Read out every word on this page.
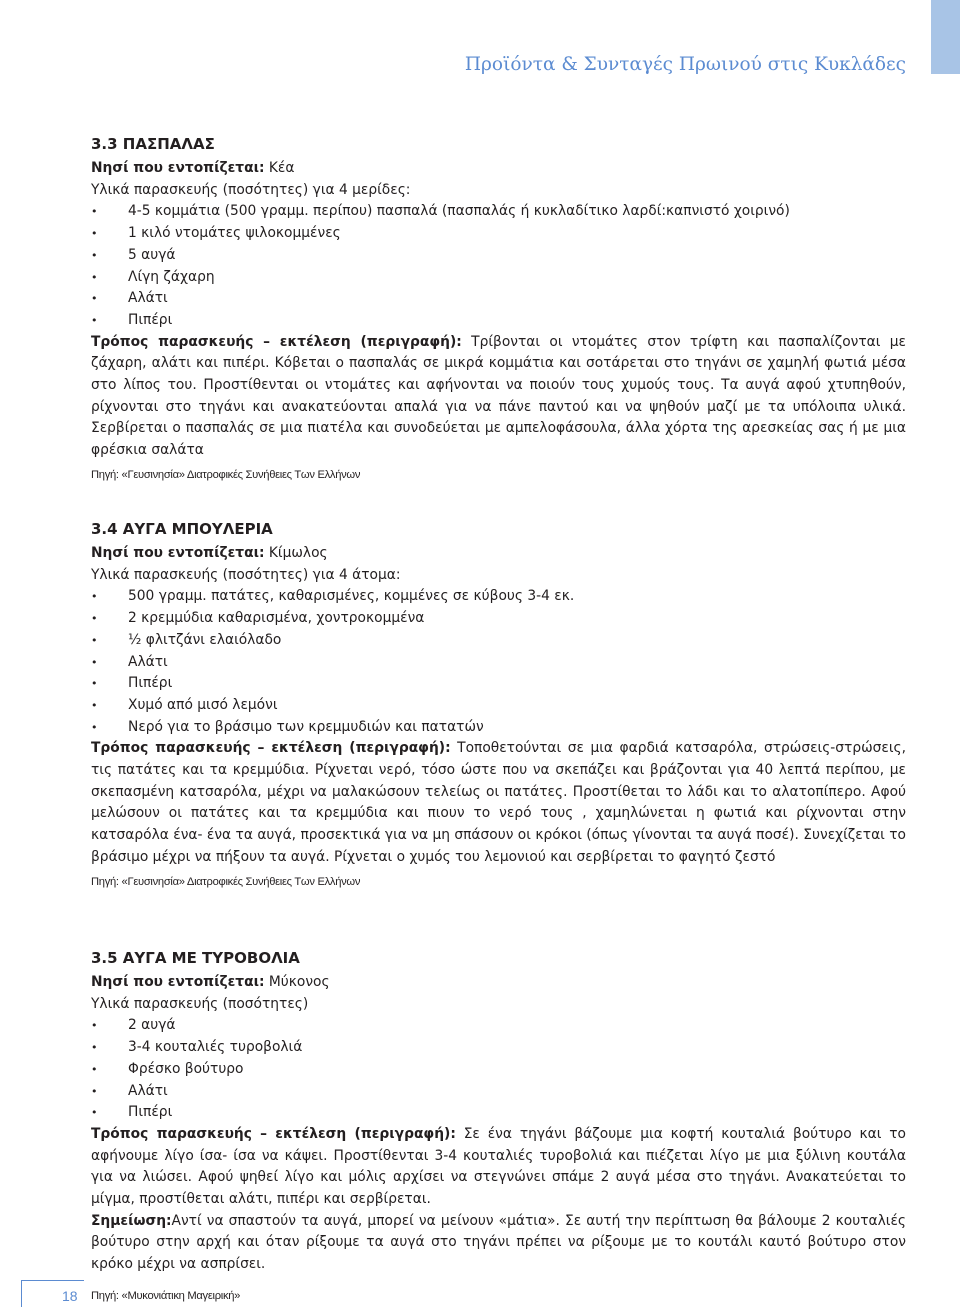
Προϊόντα & Συνταγές Πρωινού στις Κυκλάδες
3.3 ΠΑΣΠΑΛΑΣ

Νησί που εντοπίζεται: Κέα

Υλικά παρασκευής (ποσότητες) για 4 μερίδες:

• 4-5 κομμάτια (500 γραμμ. περίπου) πασπαλά (πασπαλάς ή κυκλαδίτικο λαρδί:καπνιστό χοιρινό)
• 1 κιλό ντομάτες ψιλοκομμένες
• 5 αυγά
• Λίγη ζάχαρη
• Αλάτι
• Πιπέρι

Τρόπος παρασκευής – εκτέλεση (περιγραφή): Τρίβονται οι ντομάτες στον τρίφτη και πασπαλίζονται με ζάχαρη, αλάτι και πιπέρι. Κόβεται ο πασπαλάς σε μικρά κομμάτια και σοτάρεται στο τηγάνι σε χαμηλή φωτιά μέσα στο λίπος του. Προστίθενται οι ντομάτες και αφήνονται να ποιούν τους χυμούς τους. Τα αυγά αφού χτυπηθούν, ρίχνονται στο τηγάνι και ανακατεύονται απαλά για να πάνε παντού και να ψηθούν μαζί με τα υπόλοιπα υλικά. Σερβίρεται ο πασπαλάς σε μια πιατέλα και συνοδεύεται με αμπελοφάσουλα, άλλα χόρτα της αρεσκείας σας ή με μια φρέσκια σαλάτα

Πηγή: «Γευσινησία» Διατροφικές Συνήθειες Των Ελλήνων

3.4 ΑΥΓΑ ΜΠΟΥΛΕΡΙΑ

Νησί που εντοπίζεται: Κίμωλος

Υλικά παρασκευής (ποσότητες) για 4 άτομα:

• 500 γραμμ. πατάτες, καθαρισμένες, κομμένες σε κύβους 3-4 εκ.
• 2 κρεμμύδια καθαρισμένα, χοντροκομμένα
• ½ φλιτζάνι ελαιόλαδο
• Αλάτι
• Πιπέρι
• Χυμό από μισό λεμόνι
• Νερό για το βράσιμο των κρεμμυδιών και πατατών

Τρόπος παρασκευής – εκτέλεση (περιγραφή): Τοποθετούνται σε μια φαρδιά κατσαρόλα, στρώσεις-στρώσεις, τις πατάτες και τα κρεμμύδια. Ρίχνεται νερό, τόσο ώστε που να σκεπάζει και βράζονται για 40 λεπτά περίπου, με σκεπασμένη κατσαρόλα, μέχρι να μαλακώσουν τελείως οι πατάτες. Προστίθεται το λάδι και το αλατοπίπερο. Αφού μελώσουν οι πατάτες και τα κρεμμύδια και πιουν το νερό τους , χαμηλώνεται η φωτιά και ρίχνονται στην κατσαρόλα ένα- ένα τα αυγά, προσεκτικά για να μη σπάσουν οι κρόκοι (όπως γίνονται τα αυγά ποσέ). Συνεχίζεται το βράσιμο μέχρι να πήξουν τα αυγά. Ρίχνεται ο χυμός του λεμονιού και σερβίρεται το φαγητό ζεστό

Πηγή: «Γευσινησία» Διατροφικές Συνήθειες Των Ελλήνων

3.5 ΑΥΓΑ ΜΕ ΤΥΡΟΒΟΛΙΑ

Νησί που εντοπίζεται: Μύκονος

Υλικά παρασκευής (ποσότητες)

• 2 αυγά
• 3-4 κουταλιές τυροβολιά
• Φρέσκο βούτυρο
• Αλάτι
• Πιπέρι

Τρόπος παρασκευής – εκτέλεση (περιγραφή): Σε ένα τηγάνι βάζουμε μια κοφτή κουταλιά βούτυρο και το αφήνουμε λίγο ίσα- ίσα να κάψει. Προστίθενται 3-4 κουταλιές τυροβολιά και πιέζεται λίγο με μια ξύλινη κουτάλα για να λιώσει. Αφού ψηθεί λίγο και μόλις αρχίσει να στεγνώνει σπάμε 2 αυγά μέσα στο τηγάνι. Ανακατεύεται το μίγμα, προστίθεται αλάτι, πιπέρι και σερβίρεται.

Σημείωση:Αντί να σπαστούν τα αυγά, μπορεί να μείνουν «μάτια». Σε αυτή την περίπτωση θα βάλουμε 2 κουταλιές βούτυρο στην αρχή και όταν ρίξουμε τα αυγά στο τηγάνι πρέπει να ρίξουμε με το κουτάλι καυτό βούτυρο στον κρόκο μέχρι να ασπρίσει.

Πηγή: «Μυκονιάτικη Μαγειρική»

18
